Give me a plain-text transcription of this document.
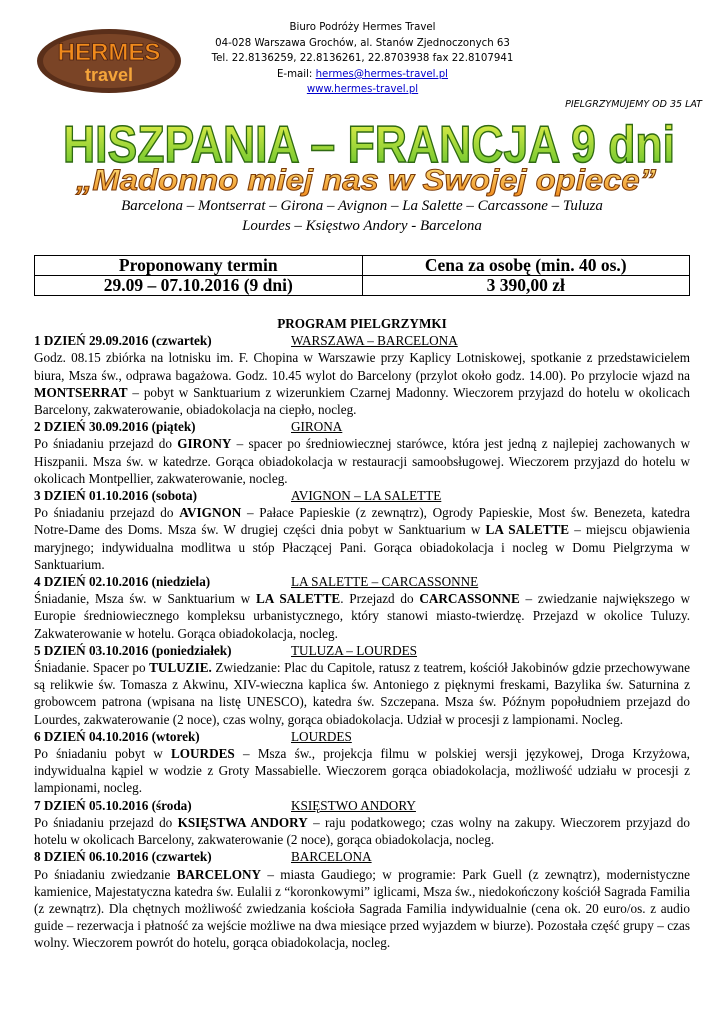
HERMES
travel
Biuro Podróży Hermes Travel
04-028 Warszawa Grochów, al. Stanów Zjednoczonych 63
Tel. 22.8136259, 22.8136261, 22.8703938 fax 22.8107941
E-mail: hermes@hermes-travel.pl
www.hermes-travel.pl
PIELGRZYMUJEMY OD 35 LAT
HISZPANIA – FRANCJA 9 dni
„Madonno miej nas w Swojej opiece”
Barcelona – Montserrat – Girona – Avignon – La Salette – Carcassone – Tuluza
Lourdes – Księstwo Andory - Barcelona
Proponowany termin	Cena za osobę (min. 40 os.)
29.09 – 07.10.2016 (9 dni)	3 390,00 zł
PROGRAM PIELGRZYMKI
1 DZIEŃ 29.09.2016 (czwartek)	WARSZAWA – BARCELONA
Godz. 08.15 zbiórka na lotnisku im. F. Chopina w Warszawie przy Kaplicy Lotniskowej, spotkanie z przedstawicielem biura, Msza św., odprawa bagażowa. Godz. 10.45 wylot do Barcelony (przylot około godz. 14.00). Po przylocie wjazd na MONTSERRAT – pobyt w Sanktuarium z wizerunkiem Czarnej Madonny. Wieczorem przyjazd do hotelu w okolicach Barcelony, zakwaterowanie, obiadokolacja na ciepło, nocleg.
2 DZIEŃ 30.09.2016 (piątek)	GIRONA
Po śniadaniu przejazd do GIRONY – spacer po średniowiecznej starówce, która jest jedną z najlepiej zachowanych w Hiszpanii. Msza św. w katedrze. Gorąca obiadokolacja w restauracji samoobsługowej. Wieczorem przyjazd do hotelu w okolicach Montpellier, zakwaterowanie, nocleg.
3 DZIEŃ 01.10.2016 (sobota)	AVIGNON – LA SALETTE
Po śniadaniu przejazd do AVIGNON – Pałace Papieskie (z zewnątrz), Ogrody Papieskie, Most św. Benezeta, katedra Notre-Dame des Doms. Msza św. W drugiej części dnia pobyt w Sanktuarium w LA SALETTE – miejscu objawienia maryjnego; indywidualna modlitwa u stóp Płaczącej Pani. Gorąca obiadokolacja i nocleg w Domu Pielgrzyma w Sanktuarium.
4 DZIEŃ 02.10.2016 (niedziela)	LA SALETTE – CARCASSONNE
Śniadanie, Msza św. w Sanktuarium w LA SALETTE. Przejazd do CARCASSONNE – zwiedzanie największego w Europie średniowiecznego kompleksu urbanistycznego, który stanowi miasto-twierdzę. Przejazd w okolice Tuluzy. Zakwaterowanie w hotelu. Gorąca obiadokolacja, nocleg.
5 DZIEŃ 03.10.2016 (poniedziałek)	TULUZA – LOURDES
Śniadanie. Spacer po TULUZIE. Zwiedzanie: Plac du Capitole, ratusz z teatrem, kościół Jakobinów gdzie przechowywane są relikwie św. Tomasza z Akwinu, XIV-wieczna kaplica św. Antoniego z pięknymi freskami, Bazylika św. Saturnina z grobowcem patrona (wpisana na listę UNESCO), katedra św. Szczepana. Msza św. Późnym popołudniem przejazd do Lourdes, zakwaterowanie (2 noce), czas wolny, gorąca obiadokolacja. Udział w procesji z lampionami. Nocleg.
6 DZIEŃ 04.10.2016 (wtorek)	LOURDES
Po śniadaniu pobyt w LOURDES – Msza św., projekcja filmu w polskiej wersji językowej, Droga Krzyżowa, indywidualna kąpiel w wodzie z Groty Massabielle. Wieczorem gorąca obiadokolacja, możliwość udziału w procesji z lampionami, nocleg.
7 DZIEŃ 05.10.2016 (środa)	KSIĘSTWO ANDORY
Po śniadaniu przejazd do KSIĘSTWA ANDORY – raju podatkowego; czas wolny na zakupy. Wieczorem przyjazd do hotelu w okolicach Barcelony, zakwaterowanie (2 noce), gorąca obiadokolacja, nocleg.
8 DZIEŃ 06.10.2016 (czwartek)	BARCELONA
Po śniadaniu zwiedzanie BARCELONY – miasta Gaudiego; w programie: Park Guell (z zewnątrz), modernistyczne kamienice, Majestatyczna katedra św. Eulalii z “koronkowymi” iglicami, Msza św., niedokończony kościół Sagrada Familia (z zewnątrz). Dla chętnych możliwość zwiedzania kościoła Sagrada Familia indywidualnie (cena ok. 20 euro/os. z audio guide – rezerwacja i płatność za wejście możliwe na dwa miesiące przed wyjazdem w biurze). Pozostała część grupy – czas wolny. Wieczorem powrót do hotelu, gorąca obiadokolacja, nocleg.
